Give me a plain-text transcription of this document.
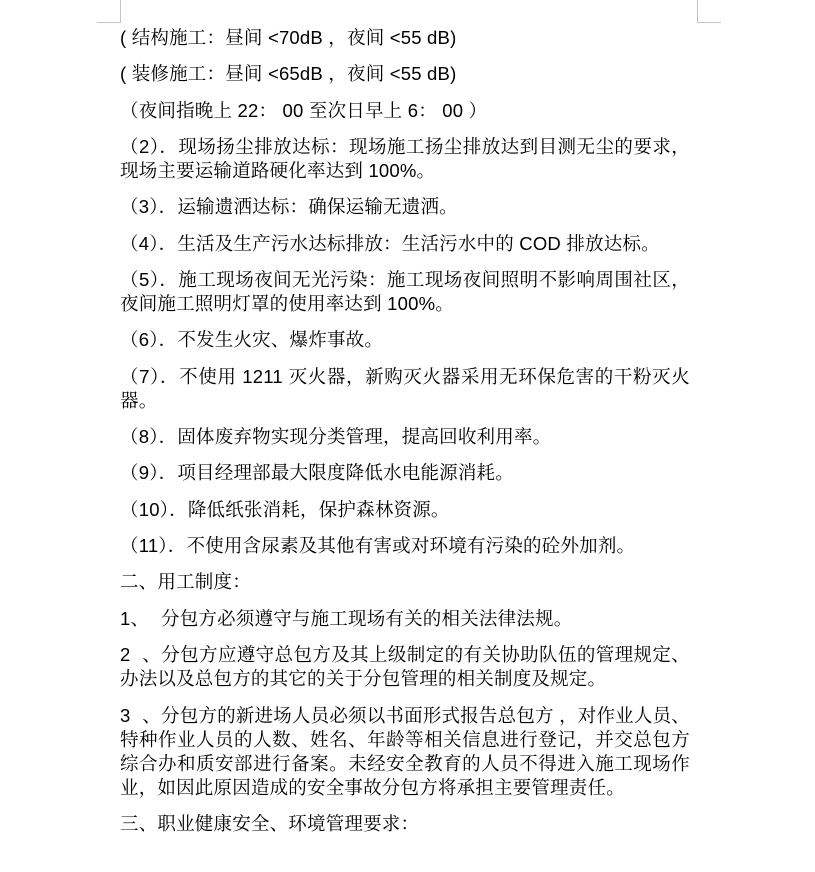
( 结构施工：昼间 <70dB ，夜间 <55 dB)
( 装修施工：昼间 <65dB ，夜间 <55 dB)
（夜间指晚上 22： 00 至次日早上 6： 00 ）
（2）．现场扬尘排放达标：现场施工扬尘排放达到目测无尘的要求，
现场主要运输道路硬化率达到 100%。
（3）．运输遗洒达标：确保运输无遗洒。
（4）．生活及生产污水达标排放：生活污水中的 COD 排放达标。
（5）．施工现场夜间无光污染：施工现场夜间照明不影响周围社区，
夜间施工照明灯罩的使用率达到 100%。
（6）．不发生火灾、爆炸事故。
（7）．不使用 1211 灭火器，新购灭火器采用无环保危害的干粉灭火
器。
（8）．固体废弃物实现分类管理，提高回收利用率。
（9）．项目经理部最大限度降低水电能源消耗。
（10）．降低纸张消耗，保护森林资源。
（11）．不使用含尿素及其他有害或对环境有污染的砼外加剂。
二、用工制度：
1、 分包方必须遵守与施工现场有关的相关法律法规。
2、分包方应遵守总包方及其上级制定的有关协助队伍的管理规定、
办法以及总包方的其它的关于分包管理的相关制度及规定。
3、分包方的新进场人员必须以书面形式报告总包方 ，对作业人员、
特种作业人员的人数、姓名、年龄等相关信息进行登记，并交总包方
综合办和质安部进行备案。未经安全教育的人员不得进入施工现场作
业，如因此原因造成的安全事故分包方将承担主要管理责任。
三、职业健康安全、环境管理要求：
